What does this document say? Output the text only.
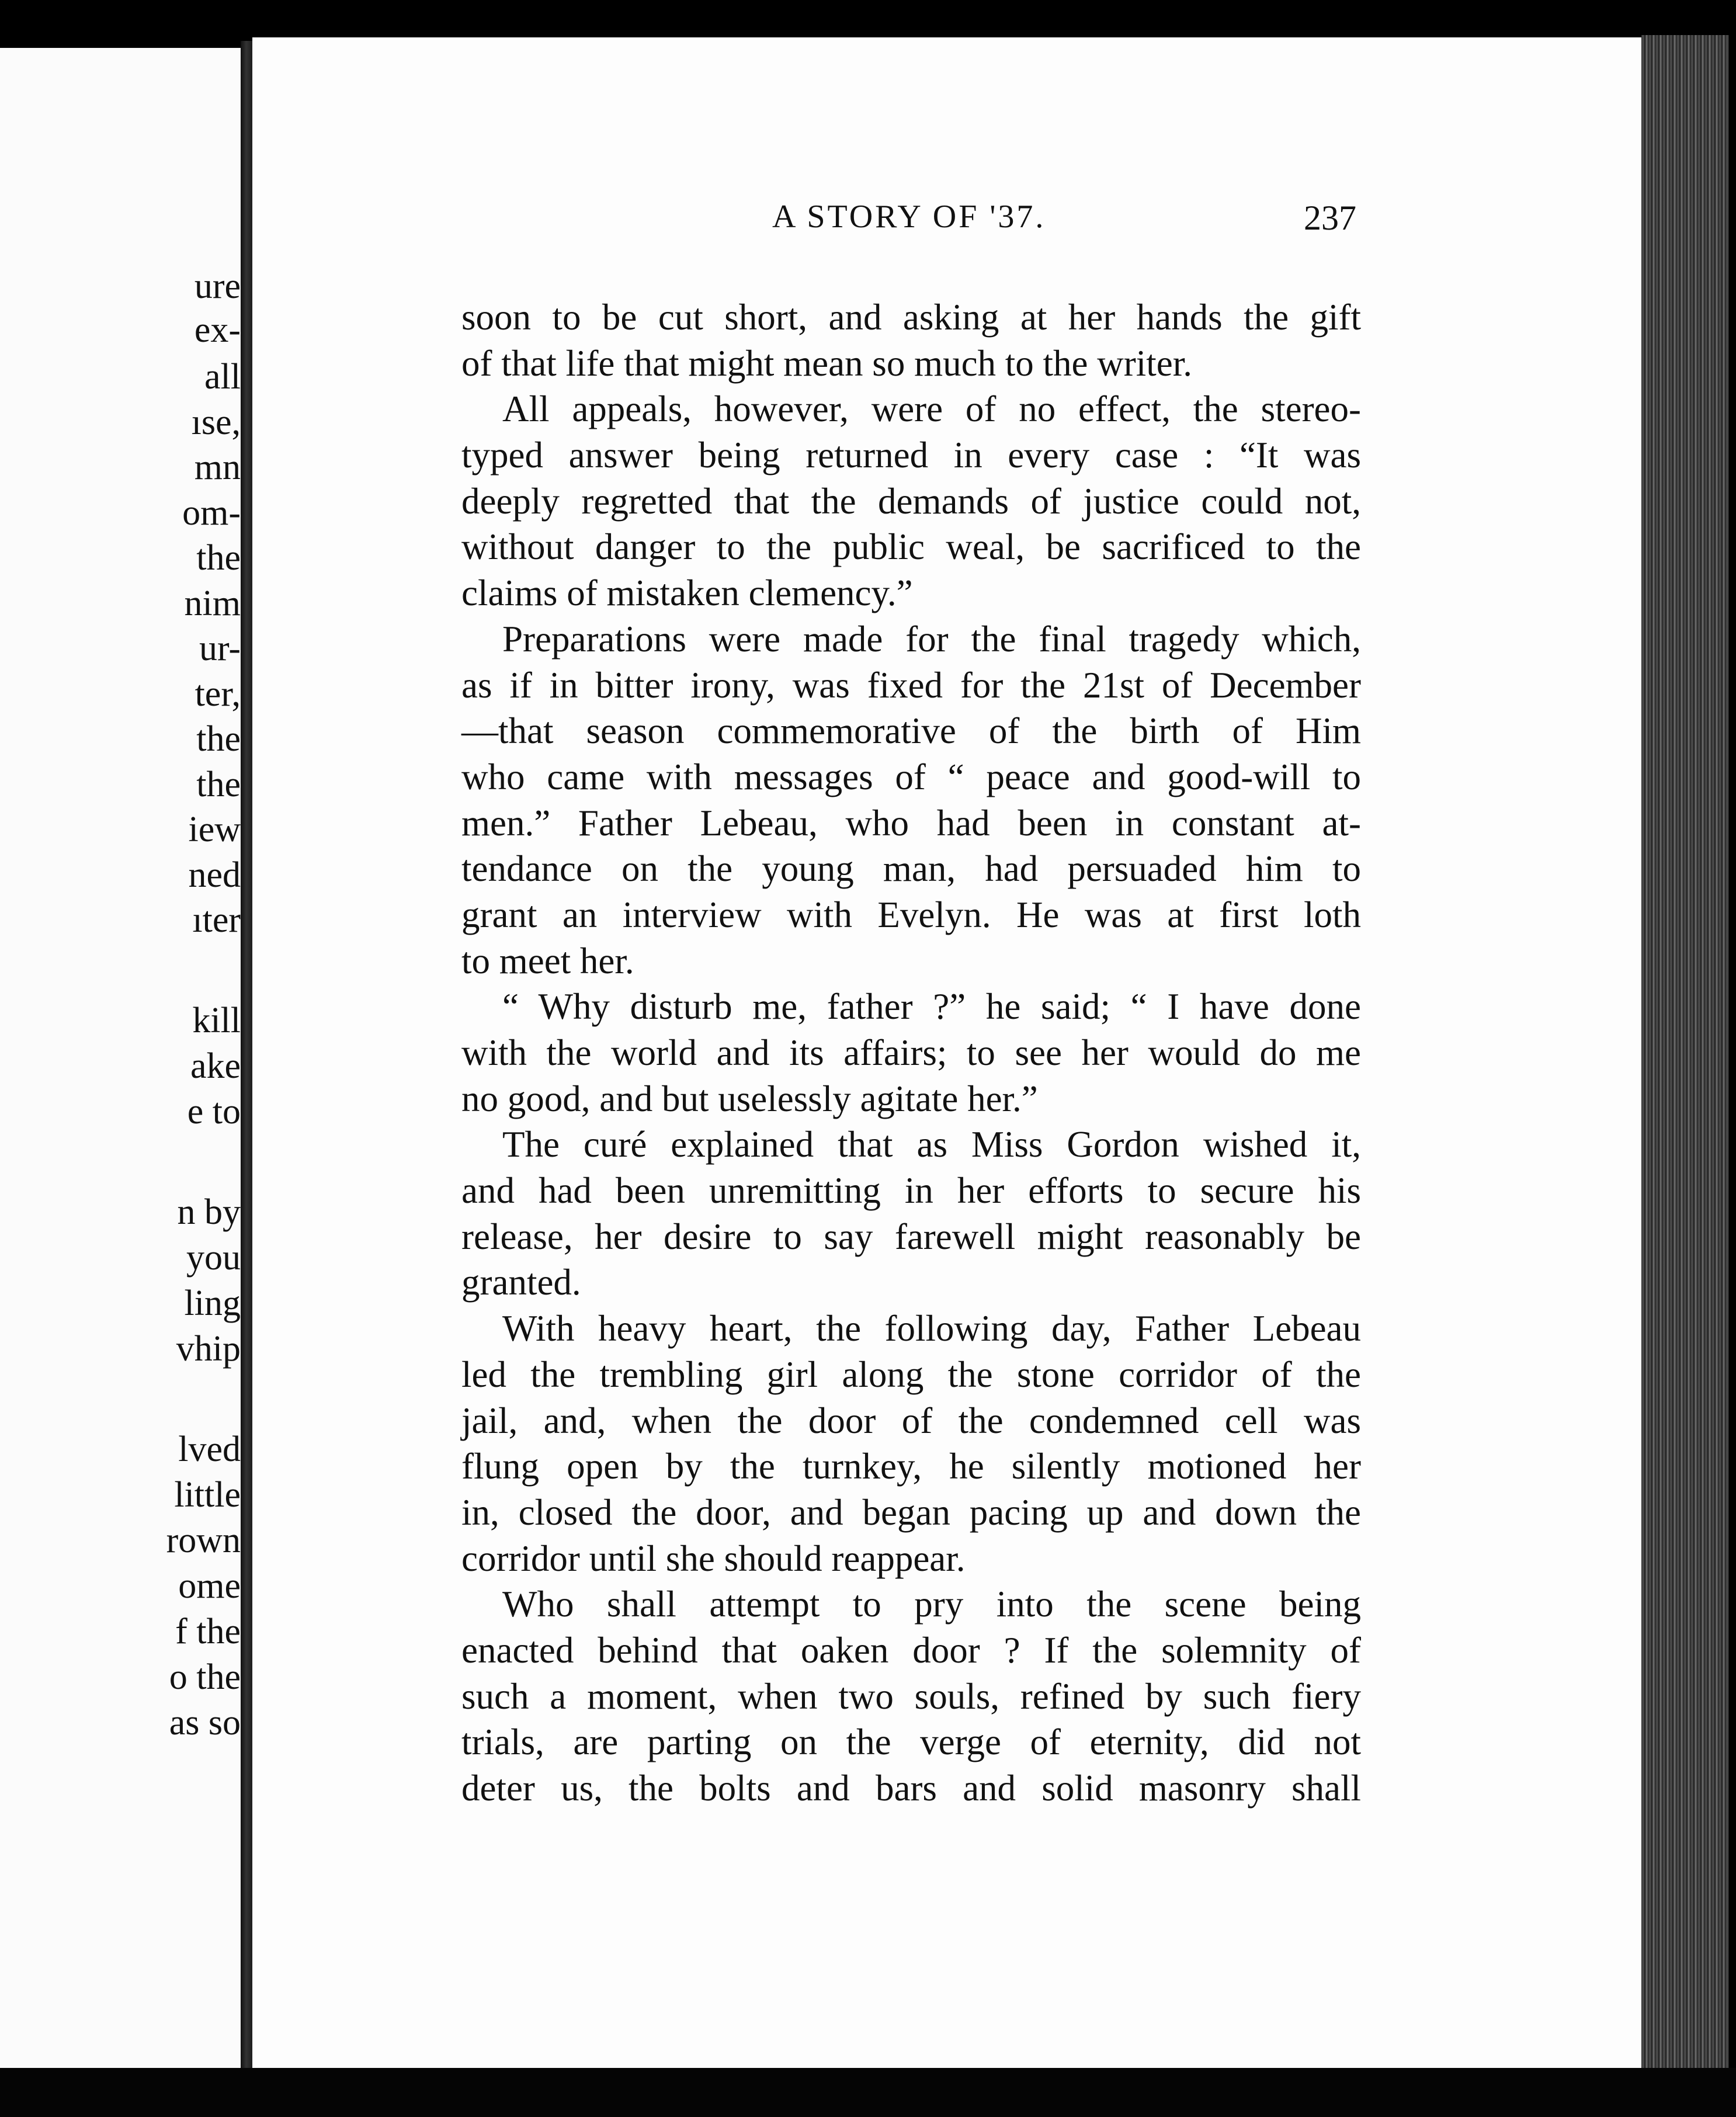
ure
ex-
all
ıse,
mn
om-
the
nim
ur-
ter,
the
the
iew
ned
ıter
kill
ake
e to
n by
you
ling
vhip
lved
little
rown
ome
f the
o the
as so
A STORY OF '37.	237
soon to be cut short, and asking at her hands the gift
of that life that might mean so much to the writer.
All appeals, however, were of no effect, the stereo-
typed answer being returned in every case : “It was
deeply regretted that the demands of justice could not,
without danger to the public weal, be sacrificed to the
claims of mistaken clemency.”
Preparations were made for the final tragedy which,
as if in bitter irony, was fixed for the 21st of December
—that season commemorative of the birth of Him
who came with messages of “ peace and good-will to
men.” Father Lebeau, who had been in constant at-
tendance on the young man, had persuaded him to
grant an interview with Evelyn. He was at first loth
to meet her.
“ Why disturb me, father ?” he said; “ I have done
with the world and its affairs; to see her would do me
no good, and but uselessly agitate her.”
The curé explained that as Miss Gordon wished it,
and had been unremitting in her efforts to secure his
release, her desire to say farewell might reasonably be
granted.
With heavy heart, the following day, Father Lebeau
led the trembling girl along the stone corridor of the
jail, and, when the door of the condemned cell was
flung open by the turnkey, he silently motioned her
in, closed the door, and began pacing up and down the
corridor until she should reappear.
Who shall attempt to pry into the scene being
enacted behind that oaken door ? If the solemnity of
such a moment, when two souls, refined by such fiery
trials, are parting on the verge of eternity, did not
deter us, the bolts and bars and solid masonry shall
